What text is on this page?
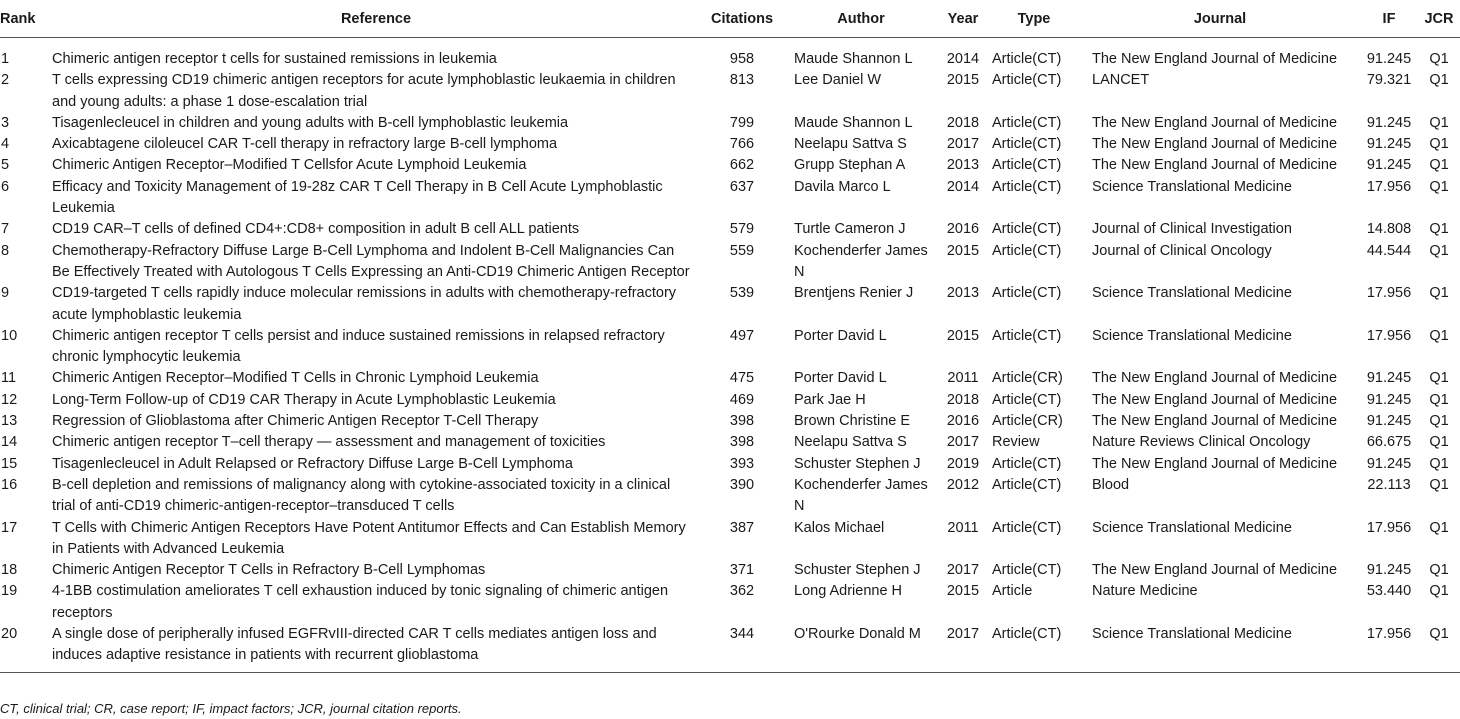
Rank	Reference	Citations	Author	Year	Type	Journal	IF	JCR
1	Chimeric antigen receptor t cells for sustained remissions in leukemia	958	Maude Shannon L	2014	Article(CT)	The New England Journal of Medicine	91.245	Q1
2	T cells expressing CD19 chimeric antigen receptors for acute lymphoblastic leukaemia in children and young adults: a phase 1 dose-escalation trial	813	Lee Daniel W	2015	Article(CT)	LANCET	79.321	Q1
3	Tisagenlecleucel in children and young adults with B-cell lymphoblastic leukemia	799	Maude Shannon L	2018	Article(CT)	The New England Journal of Medicine	91.245	Q1
4	Axicabtagene ciloleucel CAR T-cell therapy in refractory large B-cell lymphoma	766	Neelapu Sattva S	2017	Article(CT)	The New England Journal of Medicine	91.245	Q1
5	Chimeric Antigen Receptor–Modified T Cellsfor Acute Lymphoid Leukemia	662	Grupp Stephan A	2013	Article(CT)	The New England Journal of Medicine	91.245	Q1
6	Efficacy and Toxicity Management of 19-28z CAR T Cell Therapy in B Cell Acute Lymphoblastic Leukemia	637	Davila Marco L	2014	Article(CT)	Science Translational Medicine	17.956	Q1
7	CD19 CAR–T cells of defined CD4+:CD8+ composition in adult B cell ALL patients	579	Turtle Cameron J	2016	Article(CT)	Journal of Clinical Investigation	14.808	Q1
8	Chemotherapy-Refractory Diffuse Large B-Cell Lymphoma and Indolent B-Cell Malignancies Can Be Effectively Treated with Autologous T Cells Expressing an Anti-CD19 Chimeric Antigen Receptor	559	Kochenderfer James N	2015	Article(CT)	Journal of Clinical Oncology	44.544	Q1
9	CD19-targeted T cells rapidly induce molecular remissions in adults with chemotherapy-refractory acute lymphoblastic leukemia	539	Brentjens Renier J	2013	Article(CT)	Science Translational Medicine	17.956	Q1
10	Chimeric antigen receptor T cells persist and induce sustained remissions in relapsed refractory chronic lymphocytic leukemia	497	Porter David L	2015	Article(CT)	Science Translational Medicine	17.956	Q1
11	Chimeric Antigen Receptor–Modified T Cells in Chronic Lymphoid Leukemia	475	Porter David L	2011	Article(CR)	The New England Journal of Medicine	91.245	Q1
12	Long-Term Follow-up of CD19 CAR Therapy in Acute Lymphoblastic Leukemia	469	Park Jae H	2018	Article(CT)	The New England Journal of Medicine	91.245	Q1
13	Regression of Glioblastoma after Chimeric Antigen Receptor T-Cell Therapy	398	Brown Christine E	2016	Article(CR)	The New England Journal of Medicine	91.245	Q1
14	Chimeric antigen receptor T–cell therapy — assessment and management of toxicities	398	Neelapu Sattva S	2017	Review	Nature Reviews Clinical Oncology	66.675	Q1
15	Tisagenlecleucel in Adult Relapsed or Refractory Diffuse Large B-Cell Lymphoma	393	Schuster Stephen J	2019	Article(CT)	The New England Journal of Medicine	91.245	Q1
16	B-cell depletion and remissions of malignancy along with cytokine-associated toxicity in a clinical trial of anti-CD19 chimeric-antigen-receptor–transduced T cells	390	Kochenderfer James N	2012	Article(CT)	Blood	22.113	Q1
17	T Cells with Chimeric Antigen Receptors Have Potent Antitumor Effects and Can Establish Memory in Patients with Advanced Leukemia	387	Kalos Michael	2011	Article(CT)	Science Translational Medicine	17.956	Q1
18	Chimeric Antigen Receptor T Cells in Refractory B-Cell Lymphomas	371	Schuster Stephen J	2017	Article(CT)	The New England Journal of Medicine	91.245	Q1
19	4-1BB costimulation ameliorates T cell exhaustion induced by tonic signaling of chimeric antigen receptors	362	Long Adrienne H	2015	Article	Nature Medicine	53.440	Q1
20	A single dose of peripherally infused EGFRvIII-directed CAR T cells mediates antigen loss and induces adaptive resistance in patients with recurrent glioblastoma	344	O'Rourke Donald M	2017	Article(CT)	Science Translational Medicine	17.956	Q1
CT, clinical trial; CR, case report; IF, impact factors; JCR, journal citation reports.
